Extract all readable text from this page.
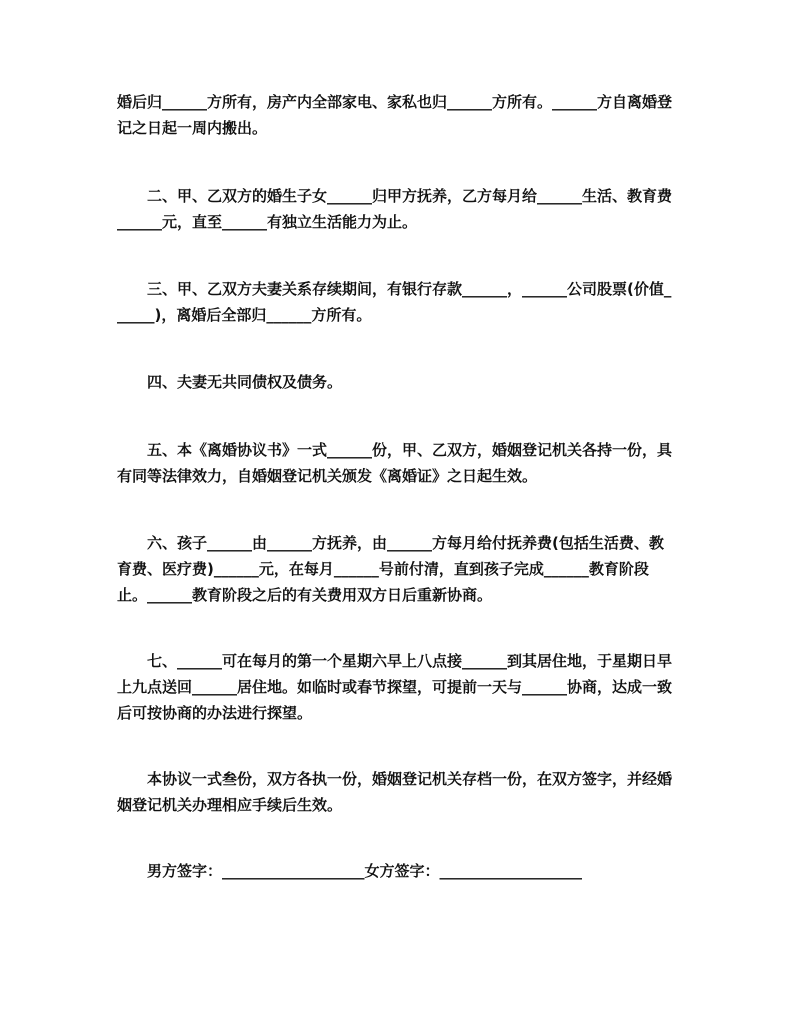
婚后归______方所有，房产内全部家电、家私也归______方所有。______方自离婚登记之日起一周内搬出。

　　二、甲、乙双方的婚生子女______归甲方抚养，乙方每月给______生活、教育费______元，直至______有独立生活能力为止。

　　三、甲、乙双方夫妻关系存续期间，有银行存款______，______公司股票(价值______)，离婚后全部归______方所有。

　　四、夫妻无共同债权及债务。

　　五、本《离婚协议书》一式______份，甲、乙双方，婚姻登记机关各持一份，具有同等法律效力，自婚姻登记机关颁发《离婚证》之日起生效。

　　六、孩子______由______方抚养，由______方每月给付抚养费(包括生活费、教育费、医疗费)______元，在每月______号前付清，直到孩子完成______教育阶段止。______教育阶段之后的有关费用双方日后重新协商。

　　七、______可在每月的第一个星期六早上八点接______到其居住地，于星期日早上九点送回______居住地。如临时或春节探望，可提前一天与______协商，达成一致后可按协商的办法进行探望。

　　本协议一式叁份，双方各执一份，婚姻登记机关存档一份，在双方签字，并经婚姻登记机关办理相应手续后生效。

　　男方签字：___________________女方签字：___________________
